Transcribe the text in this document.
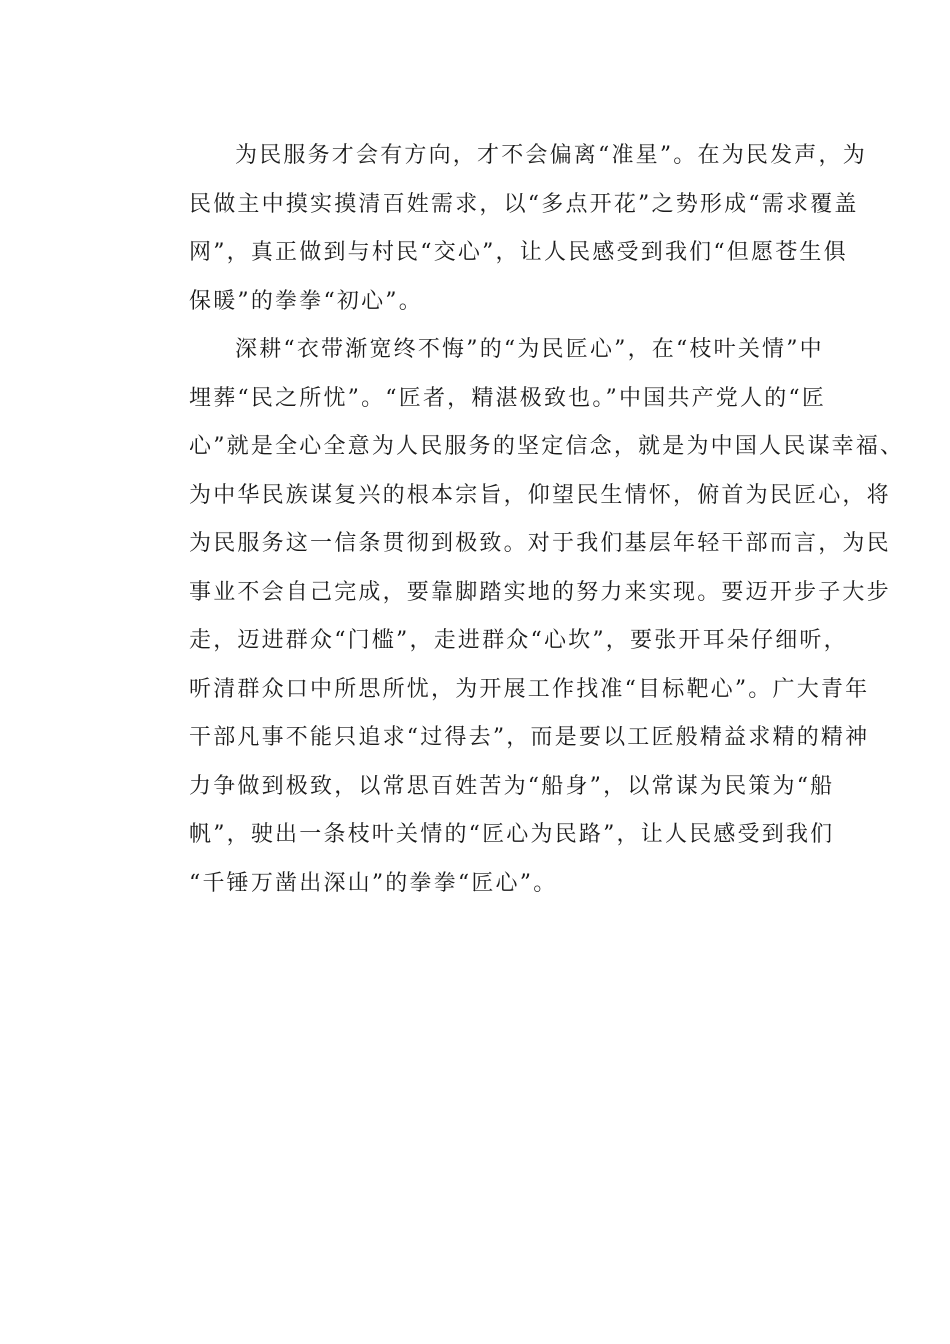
为民服务才会有方向，才不会偏离“准星”。在为民发声，为
民做主中摸实摸清百姓需求，以“多点开花”之势形成“需求覆盖
网”，真正做到与村民“交心”，让人民感受到我们“但愿苍生俱
保暖”的拳拳“初心”。
深耕“衣带渐宽终不悔”的“为民匠心”，在“枝叶关情”中
埋葬“民之所忧”。“匠者，精湛极致也。”中国共产党人的“匠
心”就是全心全意为人民服务的坚定信念，就是为中国人民谋幸福、
为中华民族谋复兴的根本宗旨，仰望民生情怀，俯首为民匠心，将
为民服务这一信条贯彻到极致。对于我们基层年轻干部而言，为民
事业不会自己完成，要靠脚踏实地的努力来实现。要迈开步子大步
走，迈进群众“门槛”，走进群众“心坎”，要张开耳朵仔细听，
听清群众口中所思所忧，为开展工作找准“目标靶心”。广大青年
干部凡事不能只追求“过得去”，而是要以工匠般精益求精的精神
力争做到极致，以常思百姓苦为“船身”，以常谋为民策为“船
帆”，驶出一条枝叶关情的“匠心为民路”，让人民感受到我们
“千锤万凿出深山”的拳拳“匠心”。
